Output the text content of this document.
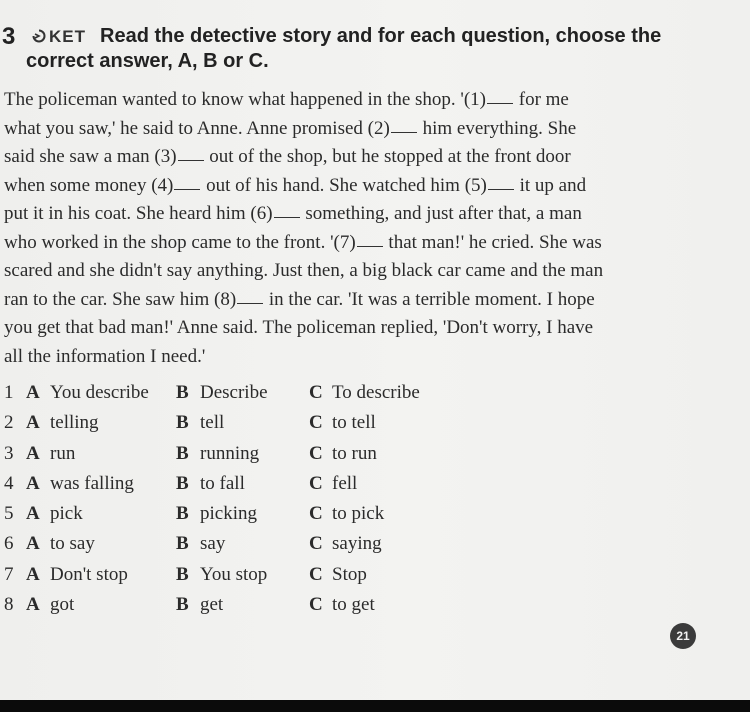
3	KET Read the detective story and for each question, choose the
correct answer, A, B or C.
The policeman wanted to know what happened in the shop. '(1) for me
what you saw,' he said to Anne. Anne promised (2) him everything. She
said she saw a man (3) out of the shop, but he stopped at the front door
when some money (4) out of his hand. She watched him (5) it up and
put it in his coat. She heard him (6) something, and just after that, a man
who worked in the shop came to the front. '(7) that man!' he cried. She was
scared and she didn't say anything. Just then, a big black car came and the man
ran to the car. She saw him (8) in the car. 'It was a terrible moment. I hope
you get that bad man!' Anne said. The policeman replied, 'Don't worry, I have
all the information I need.'
1 A You describe B Describe C To describe
2 A telling	B tell	C to tell
3 A run	B running	C to run
4 A was falling B to fall	C fell
5 A pick	B picking	C to pick
6 A to say	B say	C saying
7 A Don't stop	B You stop C Stop
8 A got	B get	C to get
21
